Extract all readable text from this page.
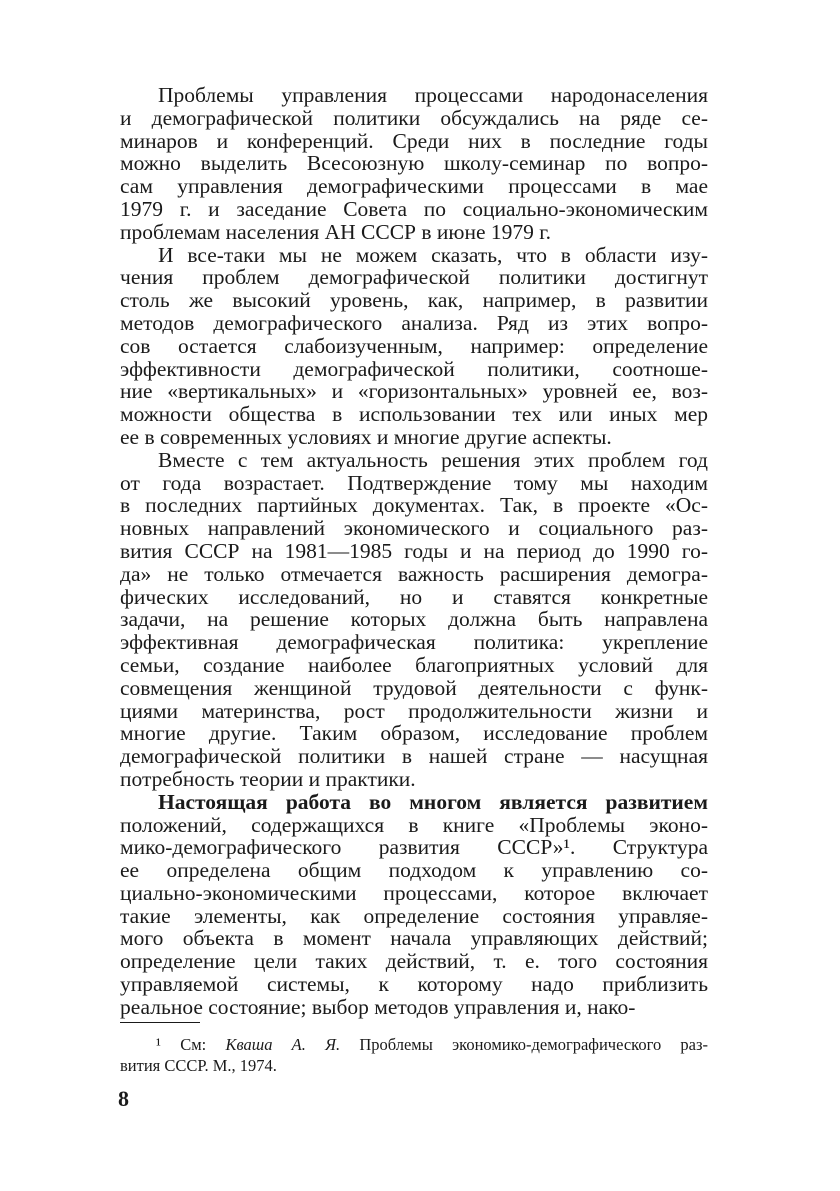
Проблемы управления процессами народонаселения
и демографической политики обсуждались на ряде се-
минаров и конференций. Среди них в последние годы
можно выделить Всесоюзную школу-семинар по вопро-
сам управления демографическими процессами в мае
1979 г. и заседание Совета по социально-экономическим
проблемам населения АН СССР в июне 1979 г.
И все-таки мы не можем сказать, что в области изу-
чения проблем демографической политики достигнут
столь же высокий уровень, как, например, в развитии
методов демографического анализа. Ряд из этих вопро-
сов остается слабоизученным, например: определение
эффективности демографической политики, соотноше-
ние «вертикальных» и «горизонтальных» уровней ее, воз-
можности общества в использовании тех или иных мер
ее в современных условиях и многие другие аспекты.
Вместе с тем актуальность решения этих проблем год
от года возрастает. Подтверждение тому мы находим
в последних партийных документах. Так, в проекте «Ос-
новных направлений экономического и социального раз-
вития СССР на 1981—1985 годы и на период до 1990 го-
да» не только отмечается важность расширения демогра-
фических исследований, но и ставятся конкретные
задачи, на решение которых должна быть направлена
эффективная демографическая политика: укрепление
семьи, создание наиболее благоприятных условий для
совмещения женщиной трудовой деятельности с функ-
циями материнства, рост продолжительности жизни и
многие другие. Таким образом, исследование проблем
демографической политики в нашей стране — насущная
потребность теории и практики.
Настоящая работа во многом является развитием
положений, содержащихся в книге «Проблемы эконо-
мико-демографического развития СССР»¹. Структура
ее определена общим подходом к управлению со-
циально-экономическими процессами, которое включает
такие элементы, как определение состояния управляе-
мого объекта в момент начала управляющих действий;
определение цели таких действий, т. е. того состояния
управляемой системы, к которому надо приблизить
реальное состояние; выбор методов управления и, нако-
¹ См: Кваша А. Я. Проблемы экономико-демографического раз-
вития СССР. М., 1974.
8
